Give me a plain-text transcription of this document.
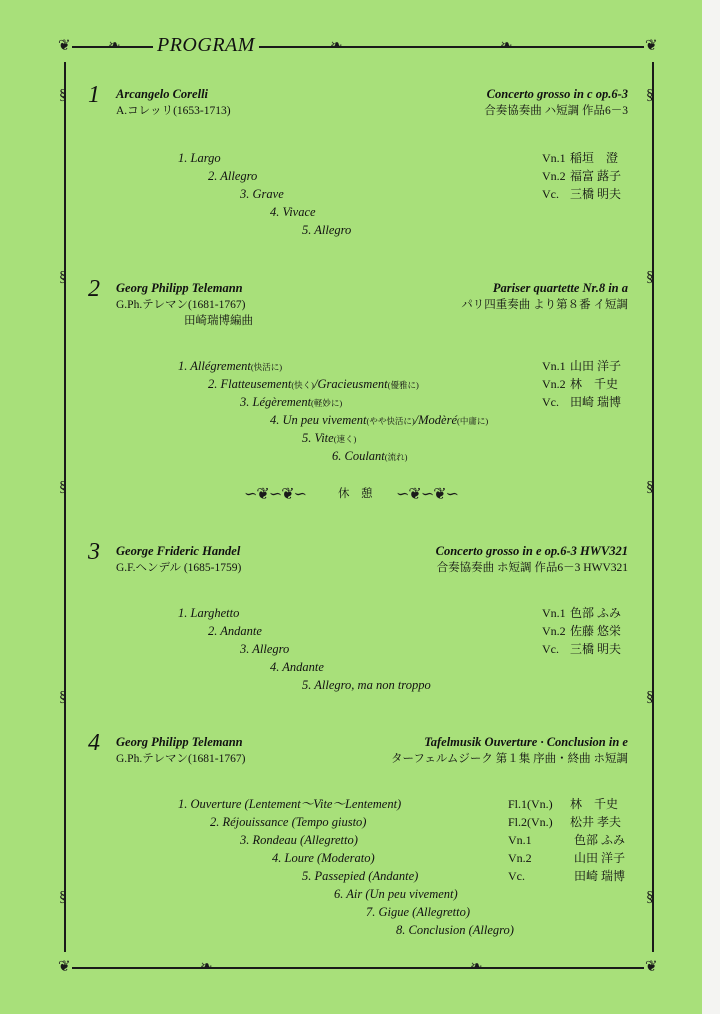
❦	❦
❦	❦
§
§
§
§
§
§
§
§
§
§
❧	❧	❧
❧	❧
PROGRAM
1 Arcangelo Corelli
A.コレッリ(1653-1713)
Concerto grosso in c op.6-3
合奏協奏曲 ハ短調 作品6－3
1. Largo
2. Allegro
3. Grave
4. Vivace
5. Allegro
Vn.1 稲垣　澄
Vn.2 福富 蕗子
Vc. 三橋 明夫
2 Georg Philipp Telemann
G.Ph.テレマン(1681-1767)
田崎瑞博編曲
Pariser quartette Nr.8 in a
パリ四重奏曲 より第８番 イ短調
1. Allégrement(快活に)
2. Flatteusement(快く)/Gracieusment(優雅に)
3. Légèrement(軽妙に)
4. Un peu vivement(やや快活に)/Modèré(中庸に)
5. Vite(速く)
6. Coulant(流れ)
Vn.1 山田 洋子
Vn.2 林　千史
Vc. 田崎 瑞博
∽❦∽❦∽	休　憩 ∽❦∽❦∽
3 George Frideric Handel
G.F.ヘンデル (1685-1759)
Concerto grosso in e op.6-3 HWV321
合奏協奏曲 ホ短調 作品6－3 HWV321
1. Larghetto
2. Andante
3. Allegro
4. Andante
5. Allegro, ma non troppo
Vn.1 色部 ふみ
Vn.2 佐藤 悠栄
Vc. 三橋 明夫
4 Georg Philipp Telemann
G.Ph.テレマン(1681-1767)
Tafelmusik Ouverture · Conclusion in e
ターフェルムジーク 第１集 序曲・終曲 ホ短調
1. Ouverture (Lentement～Vite～Lentement)
2. Réjouissance (Tempo giusto)
3. Rondeau (Allegretto)
4. Loure (Moderato)
5. Passepied (Andante)
6. Air (Un peu vivement)
7. Gigue (Allegretto)
8. Conclusion (Allegro)
Fl.1(Vn.) 林　千史
Fl.2(Vn.) 松井 孝夫
Vn.1	色部 ふみ
Vn.2	山田 洋子
Vc.	田崎 瑞博
